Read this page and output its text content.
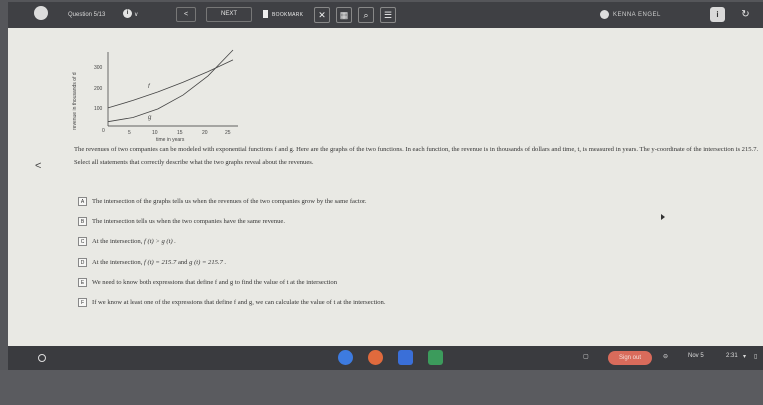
Question 5/13	i ∨	<	NEXT	BOOKMARK	✕	▦	⌕	☰	KENNA ENGEL	i	↻
revenue in thousands of d
300
200
100
0	5	10	15	20	25
time in years
f
g
<

The revenues of two companies can be modeled with exponential functions f and g. Here are the graphs of the two functions. In each function, the revenue is in thousands of dollars and time, t, is measured in years. The y-coordinate of the intersection is 215.7. Select all statements that correctly describe what the two graphs reveal about the revenues.

A The intersection of the graphs tells us when the revenues of the two companies grow by the same factor.
B The intersection tells us when the two companies have the same revenue.
C At the intersection, f (t) > g (t) .
D At the intersection, f (t) = 215.7 and g (t) = 215.7 .
E We need to know both expressions that define f and g to find the value of t at the intersection
F If we know at least one of the expressions that define f and g, we can calculate the value of t at the intersection.
▢	Sign out	⊖	Nov 5	2:31 ▾ ▯
